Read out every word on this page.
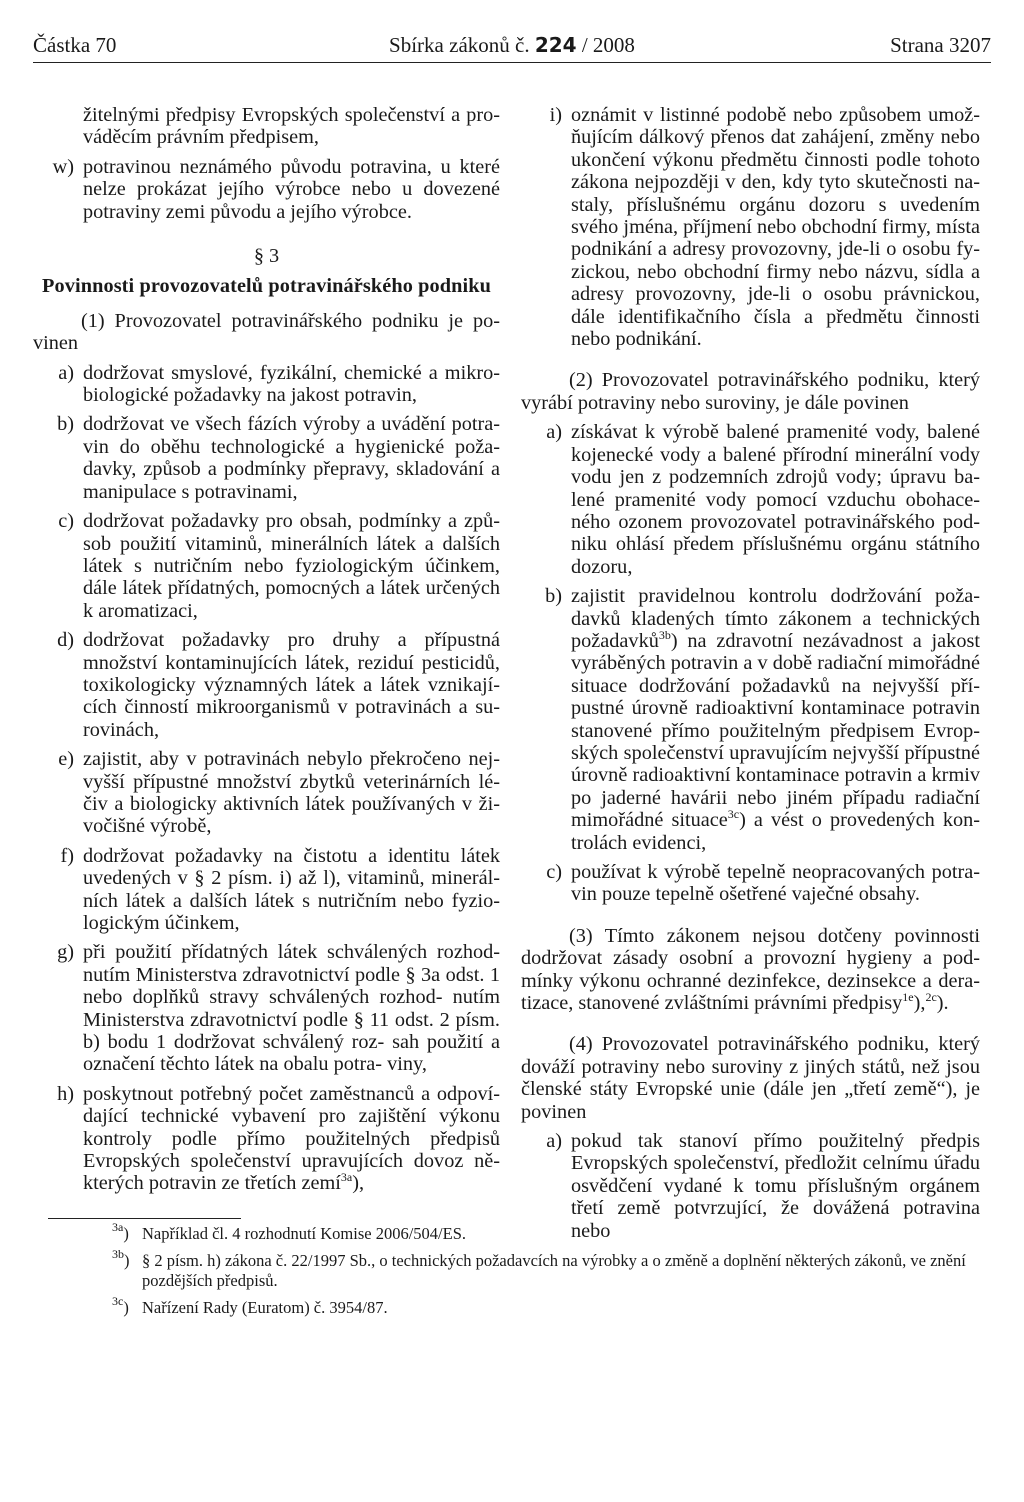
Částka 70	Sbírka zákonů č. 224 / 2008	Strana 3207
žitelnými předpisy Evropských společenství a pro- váděcím právním předpisem,
w) potravinou neznámého původu potravina, u které nelze prokázat jejího výrobce nebo u dovezené potraviny zemi původu a jejího výrobce.
§ 3
Povinnosti provozovatelů potravinářského podniku
(1) Provozovatel potravinářského podniku je po- vinen
a) dodržovat smyslové, fyzikální, chemické a mikro- biologické požadavky na jakost potravin,
b) dodržovat ve všech fázích výroby a uvádění potra- vin do oběhu technologické a hygienické poža- davky, způsob a podmínky přepravy, skladování a manipulace s potravinami,
c) dodržovat požadavky pro obsah, podmínky a způ- sob použití vitaminů, minerálních látek a dalších látek s nutričním nebo fyziologickým účinkem, dále látek přídatných, pomocných a látek určených k aromatizaci,
d) dodržovat požadavky pro druhy a přípustná množství kontaminujících látek, reziduí pesticidů, toxikologicky významných látek a látek vznikají- cích činností mikroorganismů v potravinách a su- rovinách,
e) zajistit, aby v potravinách nebylo překročeno nej- vyšší přípustné množství zbytků veterinárních lé- čiv a biologicky aktivních látek používaných v ži- vočišné výrobě,
f) dodržovat požadavky na čistotu a identitu látek uvedených v § 2 písm. i) až l), vitaminů, minerál- ních látek a dalších látek s nutričním nebo fyzio- logickým účinkem,
g) při použití přídatných látek schválených rozhod- nutím Ministerstva zdravotnictví podle § 3a odst. 1 nebo doplňků stravy schválených rozhod- nutím Ministerstva zdravotnictví podle § 11 odst. 2 písm. b) bodu 1 dodržovat schválený roz- sah použití a označení těchto látek na obalu potra- viny,
h) poskytnout potřebný počet zaměstnanců a odpoví- dající technické vybavení pro zajištění výkonu kontroly podle přímo použitelných předpisů Evropských společenství upravujících dovoz ně- kterých potravin ze třetích zemí$^{3a}$),
i) oznámit v listinné podobě nebo způsobem umož- ňujícím dálkový přenos dat zahájení, změny nebo ukončení výkonu předmětu činnosti podle tohoto zákona nejpozději v den, kdy tyto skutečnosti na- staly, příslušnému orgánu dozoru s uvedením svého jména, příjmení nebo obchodní firmy, místa podnikání a adresy provozovny, jde-li o osobu fy- zickou, nebo obchodní firmy nebo názvu, sídla a adresy provozovny, jde-li o osobu právnickou, dále identifikačního čísla a předmětu činnosti nebo podnikání.
(2) Provozovatel potravinářského podniku, který vyrábí potraviny nebo suroviny, je dále povinen
a) získávat k výrobě balené pramenité vody, balené kojenecké vody a balené přírodní minerální vody vodu jen z podzemních zdrojů vody; úpravu ba- lené pramenité vody pomocí vzduchu obohace- ného ozonem provozovatel potravinářského pod- niku ohlásí předem příslušnému orgánu státního dozoru,
b) zajistit pravidelnou kontrolu dodržování poža- davků kladených tímto zákonem a technických požadavků$^{3b}$) na zdravotní nezávadnost a jakost vyráběných potravin a v době radiační mimořádné situace dodržování požadavků na nejvyšší pří- pustné úrovně radioaktivní kontaminace potravin stanovené přímo použitelným předpisem Evrop- ských společenství upravujícím nejvyšší přípustné úrovně radioaktivní kontaminace potravin a krmiv po jaderné havárii nebo jiném případu radiační mimořádné situace$^{3c}$) a vést o provedených kon- trolách evidenci,
c) používat k výrobě tepelně neopracovaných potra- vin pouze tepelně ošetřené vaječné obsahy.
(3) Tímto zákonem nejsou dotčeny povinnosti dodržovat zásady osobní a provozní hygieny a pod- mínky výkonu ochranné dezinfekce, dezinsekce a dera- tizace, stanovené zvláštními právními předpisy$^{1e}$),$^{2c}$).
(4) Provozovatel potravinářského podniku, který dováží potraviny nebo suroviny z jiných států, než jsou členské státy Evropské unie (dále jen „třetí země“), je povinen
a) pokud tak stanoví přímo použitelný předpis Evropských společenství, předložit celnímu úřadu osvědčení vydané k tomu příslušným orgánem třetí země potvrzující, že dovážená potravina nebo
$^{3a}$) Například čl. 4 rozhodnutí Komise 2006/504/ES.
$^{3b}$) § 2 písm. h) zákona č. 22/1997 Sb., o technických požadavcích na výrobky a o změně a doplnění některých zákonů, ve znění pozdějších předpisů.
$^{3c}$) Nařízení Rady (Euratom) č. 3954/87.
